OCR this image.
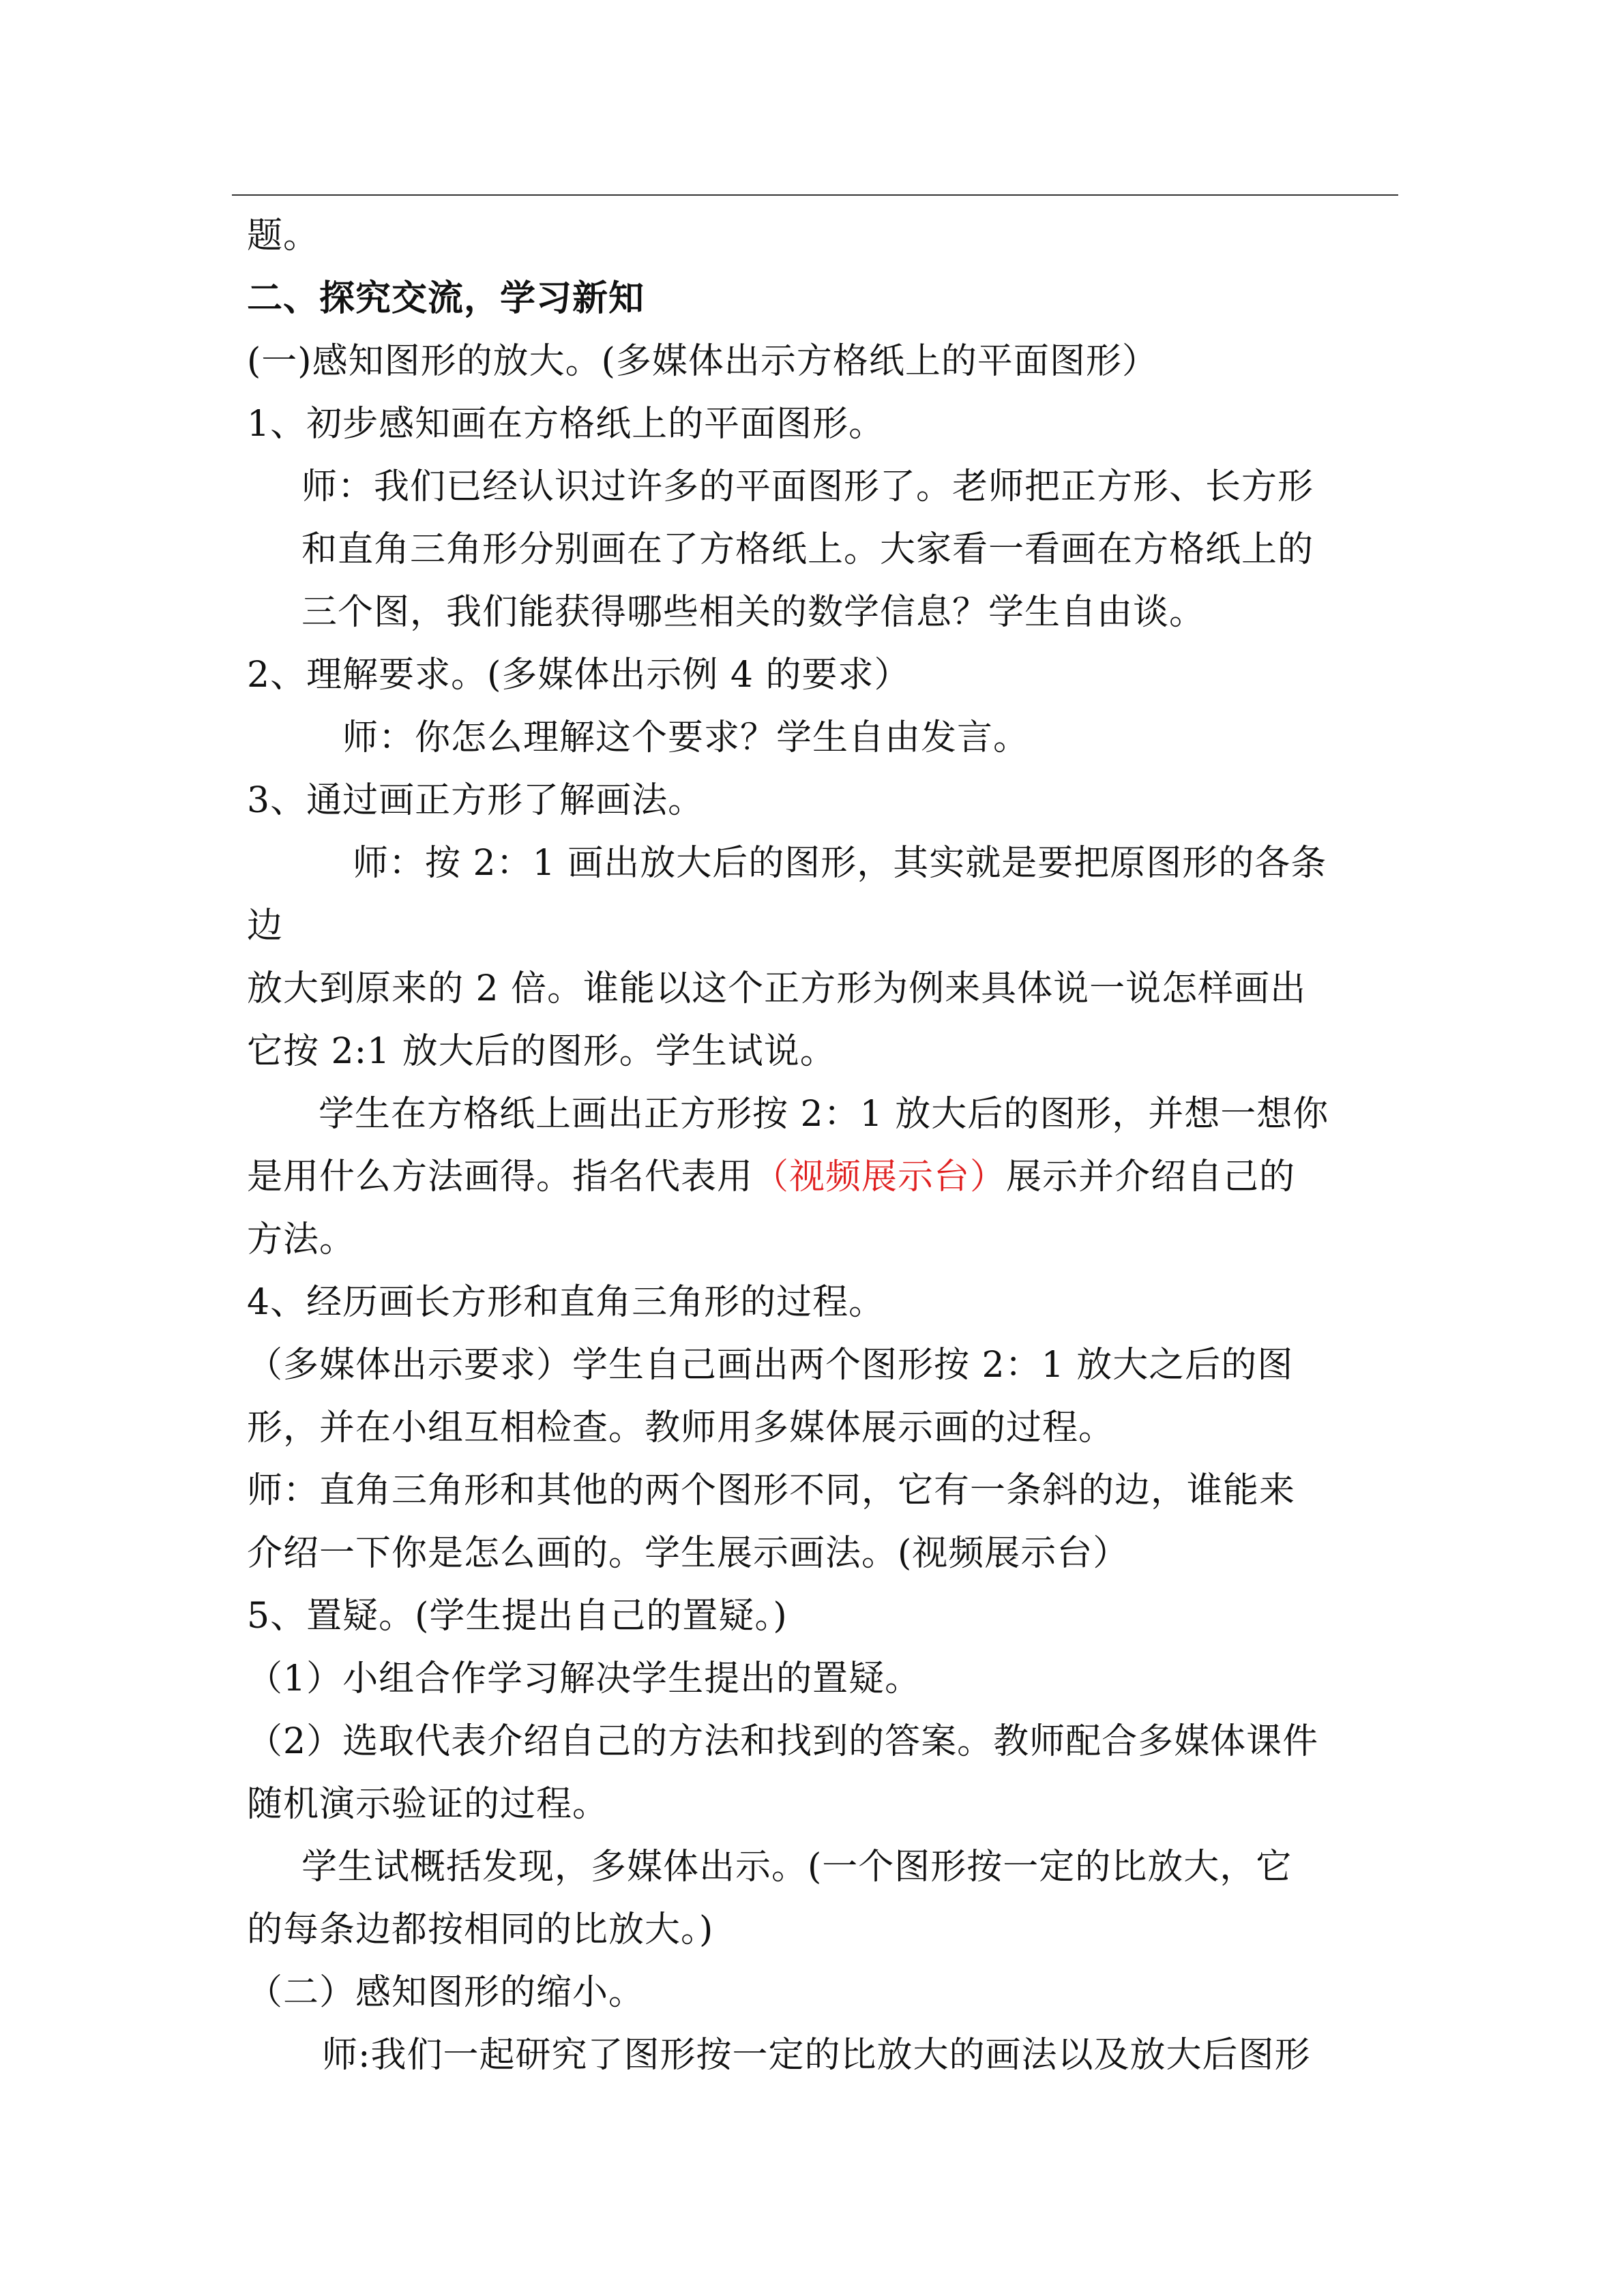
题。
二、探究交流，学习新知
(一)感知图形的放大。(多媒体出示方格纸上的平面图形）
1、初步感知画在方格纸上的平面图形。
师：我们已经认识过许多的平面图形了。老师把正方形、长方形
和直角三角形分别画在了方格纸上。大家看一看画在方格纸上的
三个图，我们能获得哪些相关的数学信息？学生自由谈。
2、理解要求。(多媒体出示例 4 的要求）
师：你怎么理解这个要求？学生自由发言。
3、通过画正方形了解画法。
师：按 2：1 画出放大后的图形，其实就是要把原图形的各条
边
放大到原来的 2 倍。谁能以这个正方形为例来具体说一说怎样画出
它按 2:1 放大后的图形。学生试说。
学生在方格纸上画出正方形按 2：1 放大后的图形，并想一想你
是用什么方法画得。指名代表用（视频展示台）展示并介绍自己的
方法。
4、经历画长方形和直角三角形的过程。
（多媒体出示要求）学生自己画出两个图形按 2：1 放大之后的图
形，并在小组互相检查。教师用多媒体展示画的过程。
师：直角三角形和其他的两个图形不同，它有一条斜的边，谁能来
介绍一下你是怎么画的。学生展示画法。(视频展示台）
5、置疑。(学生提出自己的置疑。)
（1）小组合作学习解决学生提出的置疑。
（2）选取代表介绍自己的方法和找到的答案。教师配合多媒体课件
随机演示验证的过程。
学生试概括发现，多媒体出示。(一个图形按一定的比放大，它
的每条边都按相同的比放大。)
（二）感知图形的缩小。
师:我们一起研究了图形按一定的比放大的画法以及放大后图形
